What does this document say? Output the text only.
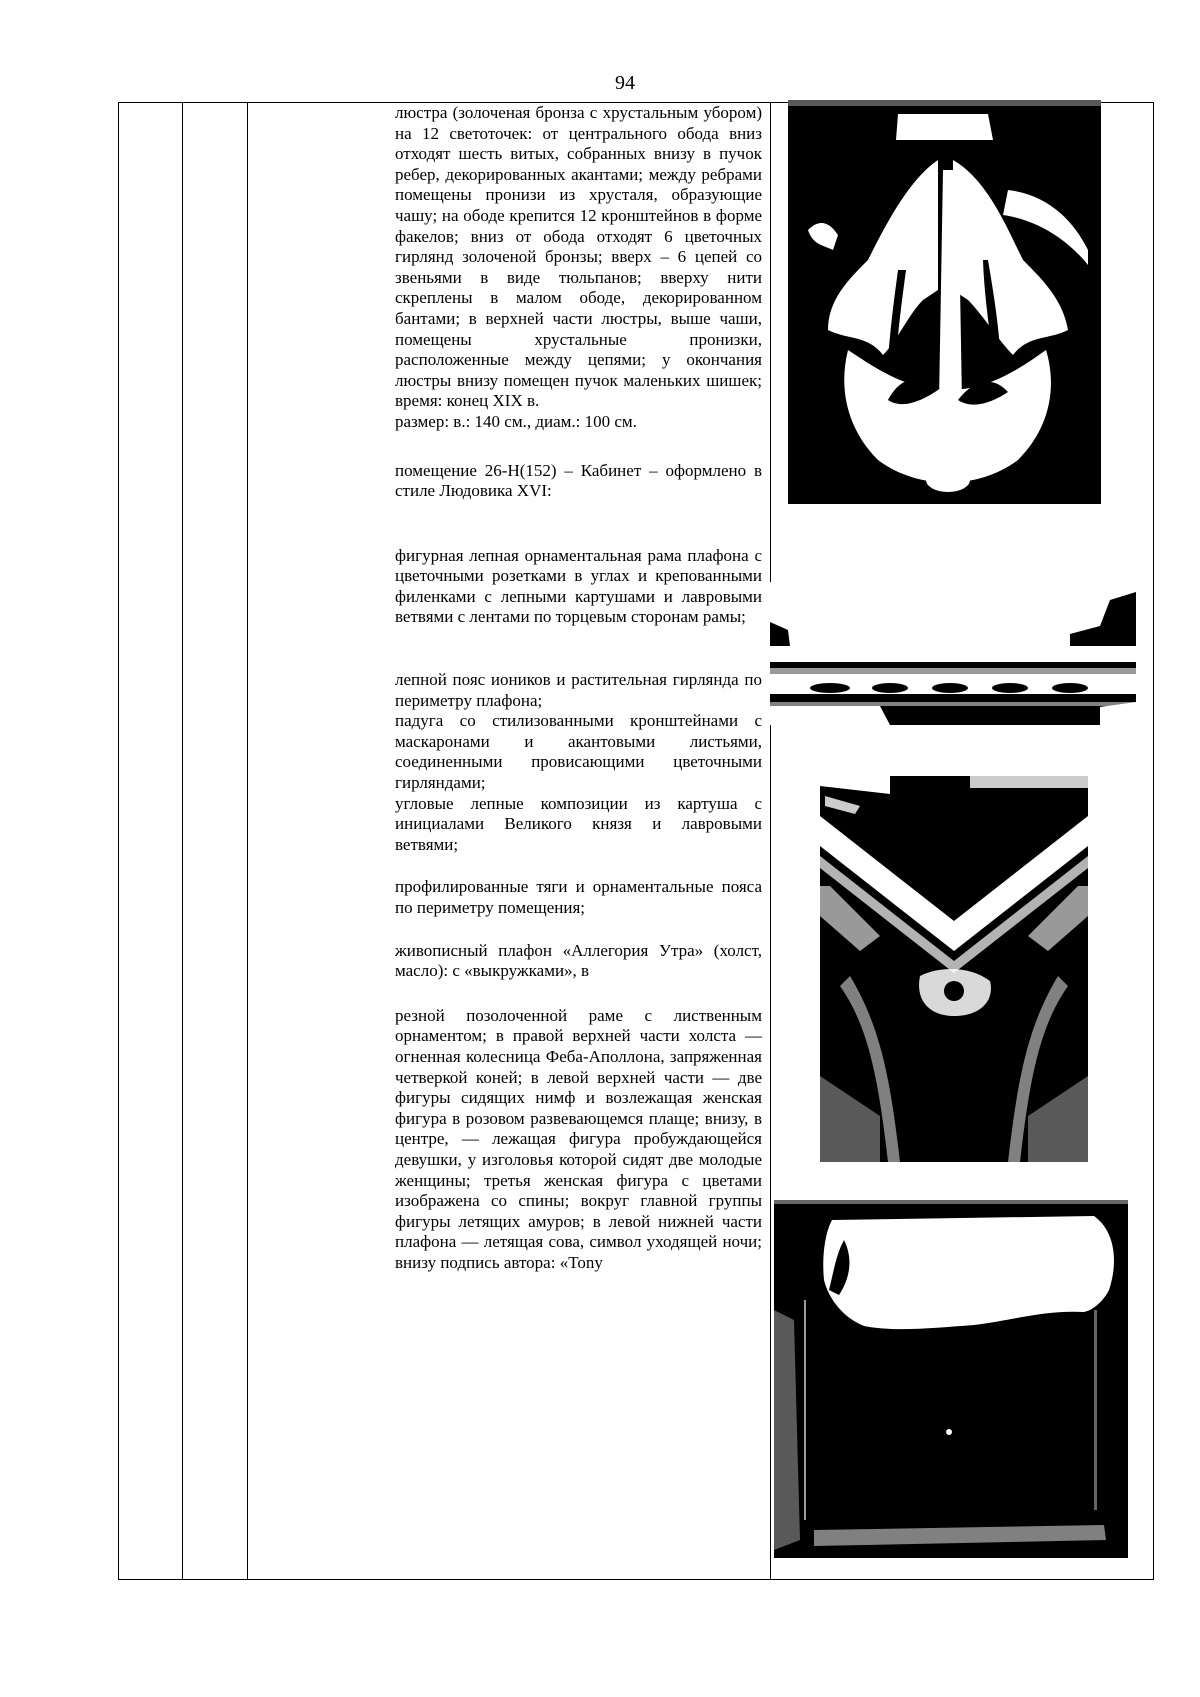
94

люстра (золоченая бронза с хрустальным убором) на 12 светоточек: от центрального обода вниз отходят шесть витых, собранных внизу в пучок ребер, декорированных акантами; между ребрами помещены пронизи из хрусталя, образующие чашу; на ободе крепится 12 кронштейнов в форме факелов; вниз от обода отходят 6 цветочных гирлянд золоченой бронзы; вверх – 6 цепей со звеньями в виде тюльпанов; вверху нити скреплены в малом ободе, декорированном бантами; в верхней части люстры, выше чаши, помещены хрустальные пронизки, расположенные между цепями; у окончания люстры внизу помещен пучок маленьких шишек; время: конец XIX в.

размер: в.: 140 см., диам.: 100 см.

помещение 26-Н(152) – Кабинет – оформлено в стиле Людовика XVI:

фигурная лепная орнаментальная рама плафона с цветочными розетками в углах и крепованными филенками с лепными картушами и лавровыми ветвями с лентами по торцевым сторонам рамы;

лепной пояс иоников и растительная гирлянда по периметру плафона;

падуга со стилизованными кронштейнами с маскаронами и акантовыми листьями, соединенными провисающими цветочными гирляндами;

угловые лепные композиции из картуша с инициалами Великого князя и лавровыми ветвями;

профилированные тяги и орнаментальные пояса по периметру помещения;

живописный плафон «Аллегория Утра» (холст, масло): с «выкружками», в

резной позолоченной раме с лиственным орнаментом; в правой верхней части холста — огненная колесница Феба-Аполлона, запряженная четверкой коней; в левой верхней части — две фигуры сидящих нимф и возлежащая женская фигура в розовом развевающемся плаще; внизу, в центре, — лежащая фигура пробуждающейся девушки, у изголовья которой сидят две молодые женщины; третья женская фигура с цветами изображена со спины; вокруг главной группы фигуры летящих амуров; в левой нижней части плафона — летящая сова, символ уходящей ночи; внизу подпись автора: «Tony
